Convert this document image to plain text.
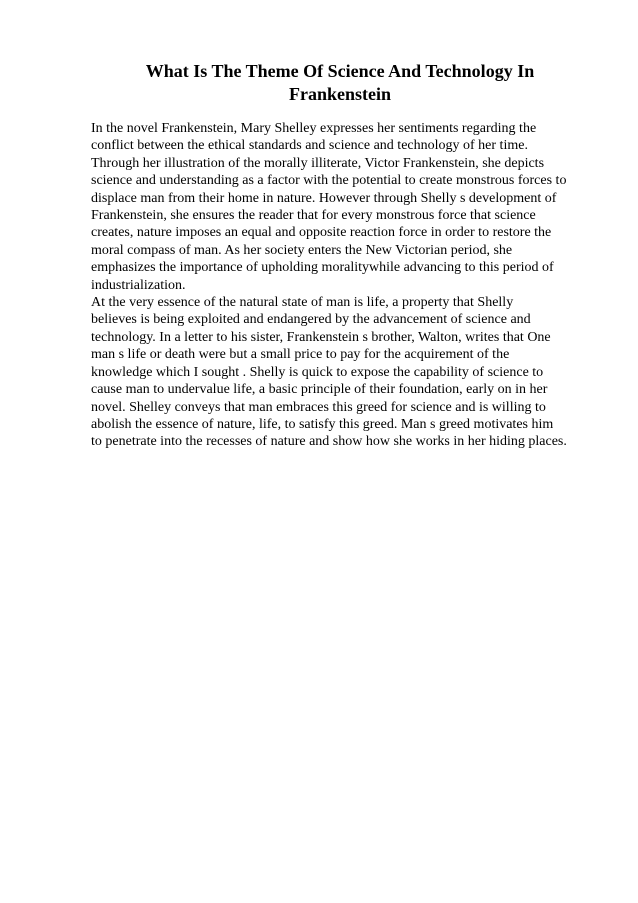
What Is The Theme Of Science And Technology In
Frankenstein
In the novel Frankenstein, Mary Shelley expresses her sentiments regarding the
conflict between the ethical standards and science and technology of her time.
Through her illustration of the morally illiterate, Victor Frankenstein, she depicts
science and understanding as a factor with the potential to create monstrous forces to
displace man from their home in nature. However through Shelly s development of
Frankenstein, she ensures the reader that for every monstrous force that science
creates, nature imposes an equal and opposite reaction force in order to restore the
moral compass of man. As her society enters the New Victorian period, she
emphasizes the importance of upholding moralitywhile advancing to this period of
industrialization.
At the very essence of the natural state of man is life, a property that Shelly
believes is being exploited and endangered by the advancement of science and
technology. In a letter to his sister, Frankenstein s brother, Walton, writes that One
man s life or death were but a small price to pay for the acquirement of the
knowledge which I sought . Shelly is quick to expose the capability of science to
cause man to undervalue life, a basic principle of their foundation, early on in her
novel. Shelley conveys that man embraces this greed for science and is willing to
abolish the essence of nature, life, to satisfy this greed. Man s greed motivates him
to penetrate into the recesses of nature and show how she works in her hiding places.
